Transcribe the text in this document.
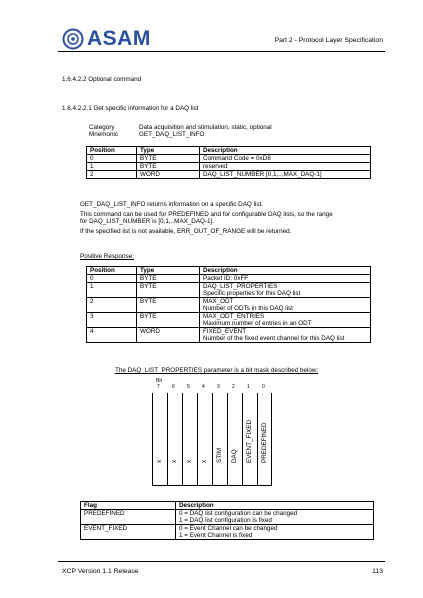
ASAM	Part 2 - Protocol Layer Specification
1.6.4.2.2 Optional command
1.6.4.2.2.1 Get specific information for a DAQ list
Category	Data acquisition and stimulation, static, optional
Mnemonic	GET_DAQ_LIST_INFO
Position	Type	Description
0	BYTE	Command Code = 0xD8
1	BYTE	reserved
2	WORD	DAQ_LIST_NUMBER [0,1,..,MAX_DAQ-1]
GET_DAQ_LIST_INFO returns information on a specific DAQ list.
This command can be used for PREDEFINED and for configurable DAQ lists, so the range
for DAQ_LIST_NUMBER is [0,1,..MAX_DAQ-1].
If the specified list is not available, ERR_OUT_OF_RANGE will be returned.
Positive Response:
Position	Type	Description
0	BYTE	Packet ID: 0xFF

1	BYTE	DAQ_LIST_PROPERTIES
Specific properties for this DAQ list

2	BYTE	MAX_ODT
Number of ODTs in this DAQ list

3	BYTE	MAX_ODT_ENTRIES
Maximum number of entries in an ODT

4	WORD	FIXED_EVENT
Number of the fixed event channel for this DAQ list
The DAQ_LIST_PROPERTIES parameter is a bit mask described below:
Bit
7 6 5 4 3 2 1 0
x x x x STIM DAQ EVENT_FIXED PREDEFINED
Flag	Description
PREDEFINED	0 = DAQ list configuration can be changed
1 = DAQ list configuration is fixed

EVENT_FIXED	0 = Event Channel can be changed
1 = Event Channel is fixed
XCP Version 1.1 Release	113
